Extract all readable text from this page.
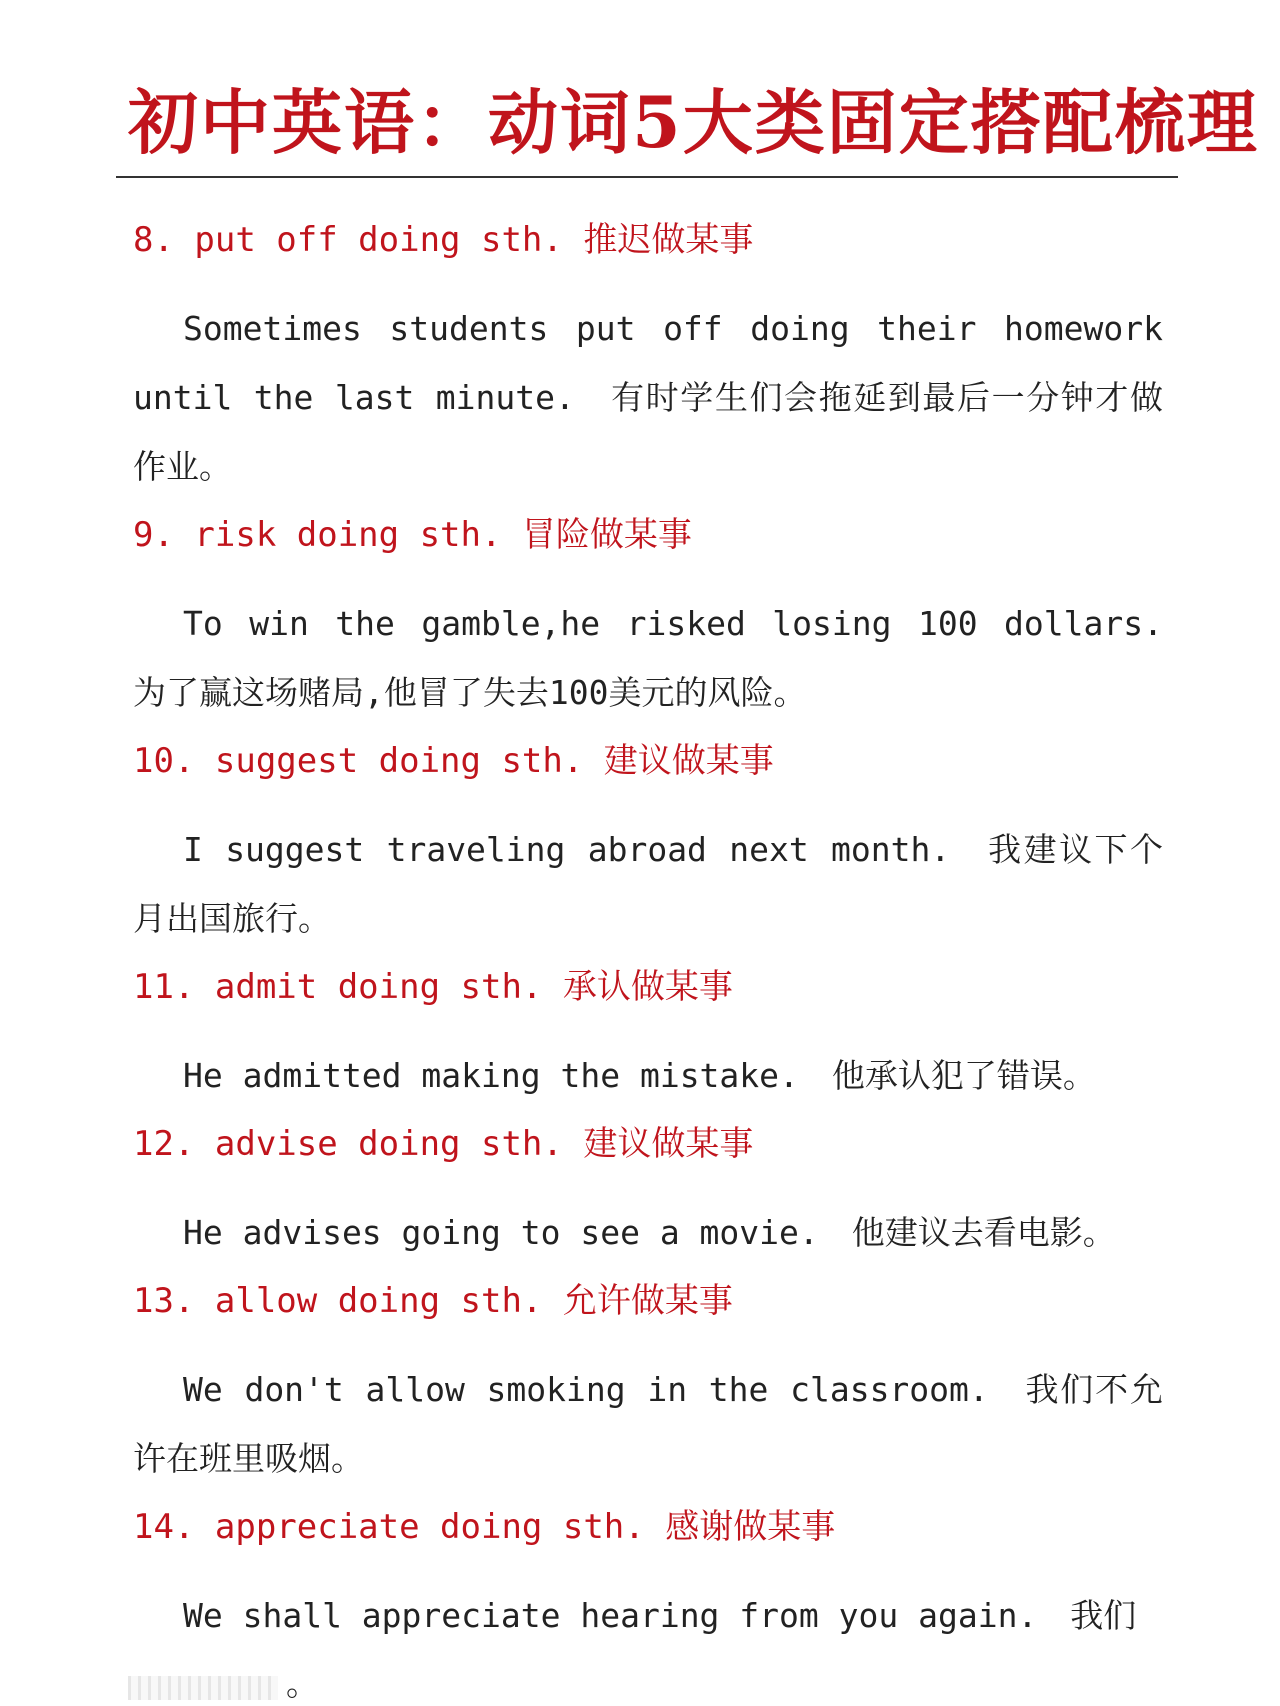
初中英语：动词5大类固定搭配梳理
8. put off doing sth. 推迟做某事
Sometimes students put off doing their homework until the last minute.　有时学生们会拖延到最后一分钟才做作业。
9. risk doing sth. 冒险做某事
To win the gamble,he risked losing 100 dollars. 为了赢这场赌局,他冒了失去100美元的风险。
10. suggest doing sth. 建议做某事
I suggest traveling abroad next month.　我建议下个月出国旅行。
11. admit doing sth. 承认做某事
He admitted making the mistake.　他承认犯了错误。
12. advise doing sth. 建议做某事
He advises going to see a movie.　他建议去看电影。
13. allow doing sth. 允许做某事
We don't allow smoking in the classroom.　我们不允许在班里吸烟。
14. appreciate doing sth. 感谢做某事
We shall appreciate hearing from you again.　我们
。
